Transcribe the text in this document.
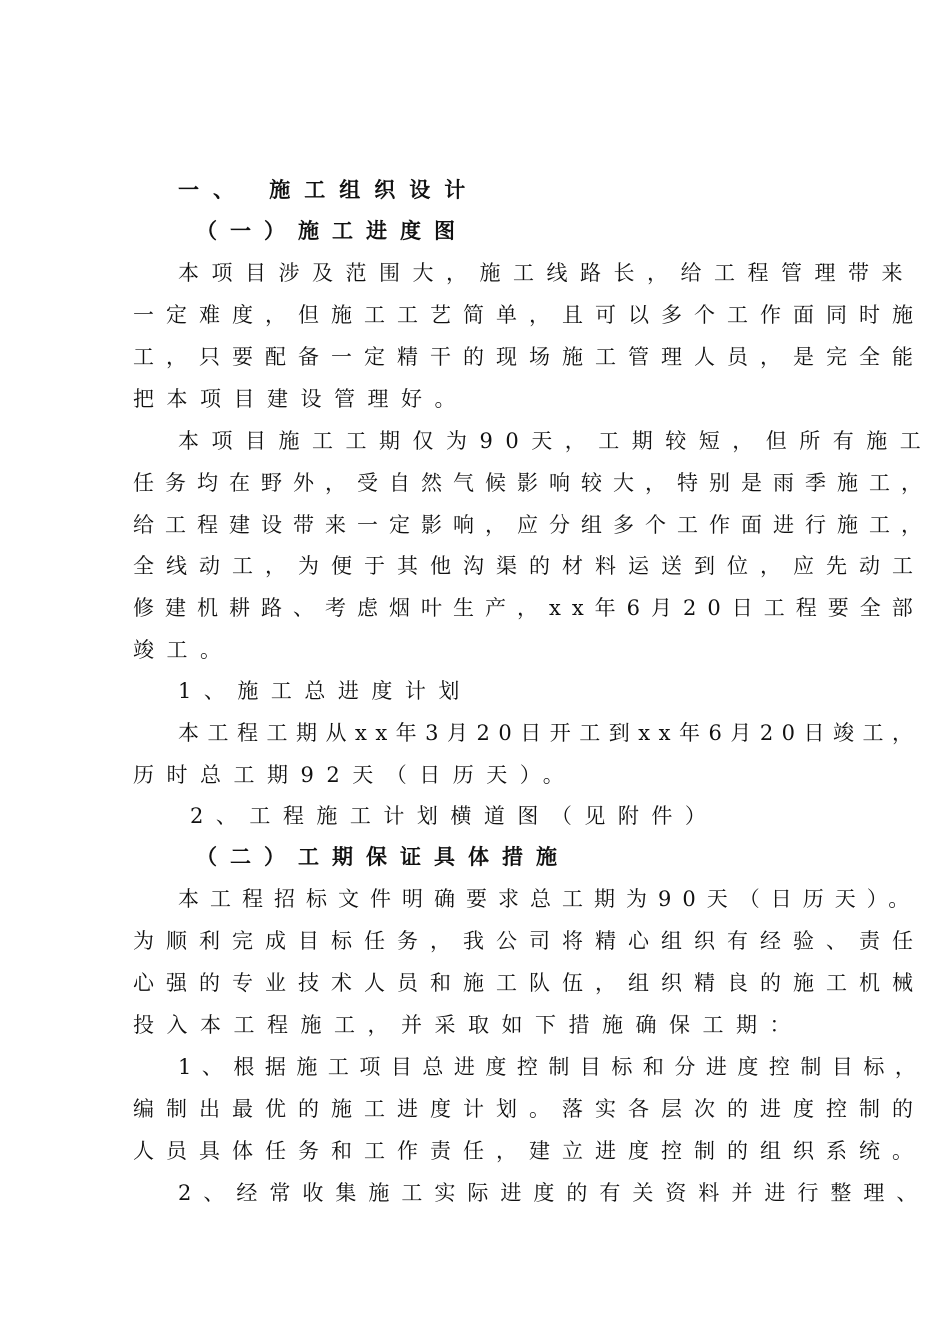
一、 施工组织设计
（一）施工进度图
本项目涉及范围大，施工线路长，给工程管理带来
一定难度，但施工工艺简单，且可以多个工作面同时施
工，只要配备一定精干的现场施工管理人员，是完全能
把本项目建设管理好。
本项目施工工期仅为90天，工期较短，但所有施工
任务均在野外，受自然气候影响较大，特别是雨季施工，
给工程建设带来一定影响，应分组多个工作面进行施工，
全线动工，为便于其他沟渠的材料运送到位，应先动工
修建机耕路、考虑烟叶生产，xx年6月20日工程要全部
竣工。
1、施工总进度计划
本工程工期从xx年3月20日开工到xx年6月20日竣工，
历时总工期92天（日历天）。
2、工程施工计划横道图（见附件）
（二）工期保证具体措施
本工程招标文件明确要求总工期为90天（日历天）。
为顺利完成目标任务，我公司将精心组织有经验、责任
心强的专业技术人员和施工队伍，组织精良的施工机械
投入本工程施工，并采取如下措施确保工期：
1、根据施工项目总进度控制目标和分进度控制目标，
编制出最优的施工进度计划。落实各层次的进度控制的
人员具体任务和工作责任，建立进度控制的组织系统。
2、经常收集施工实际进度的有关资料并进行整理、
